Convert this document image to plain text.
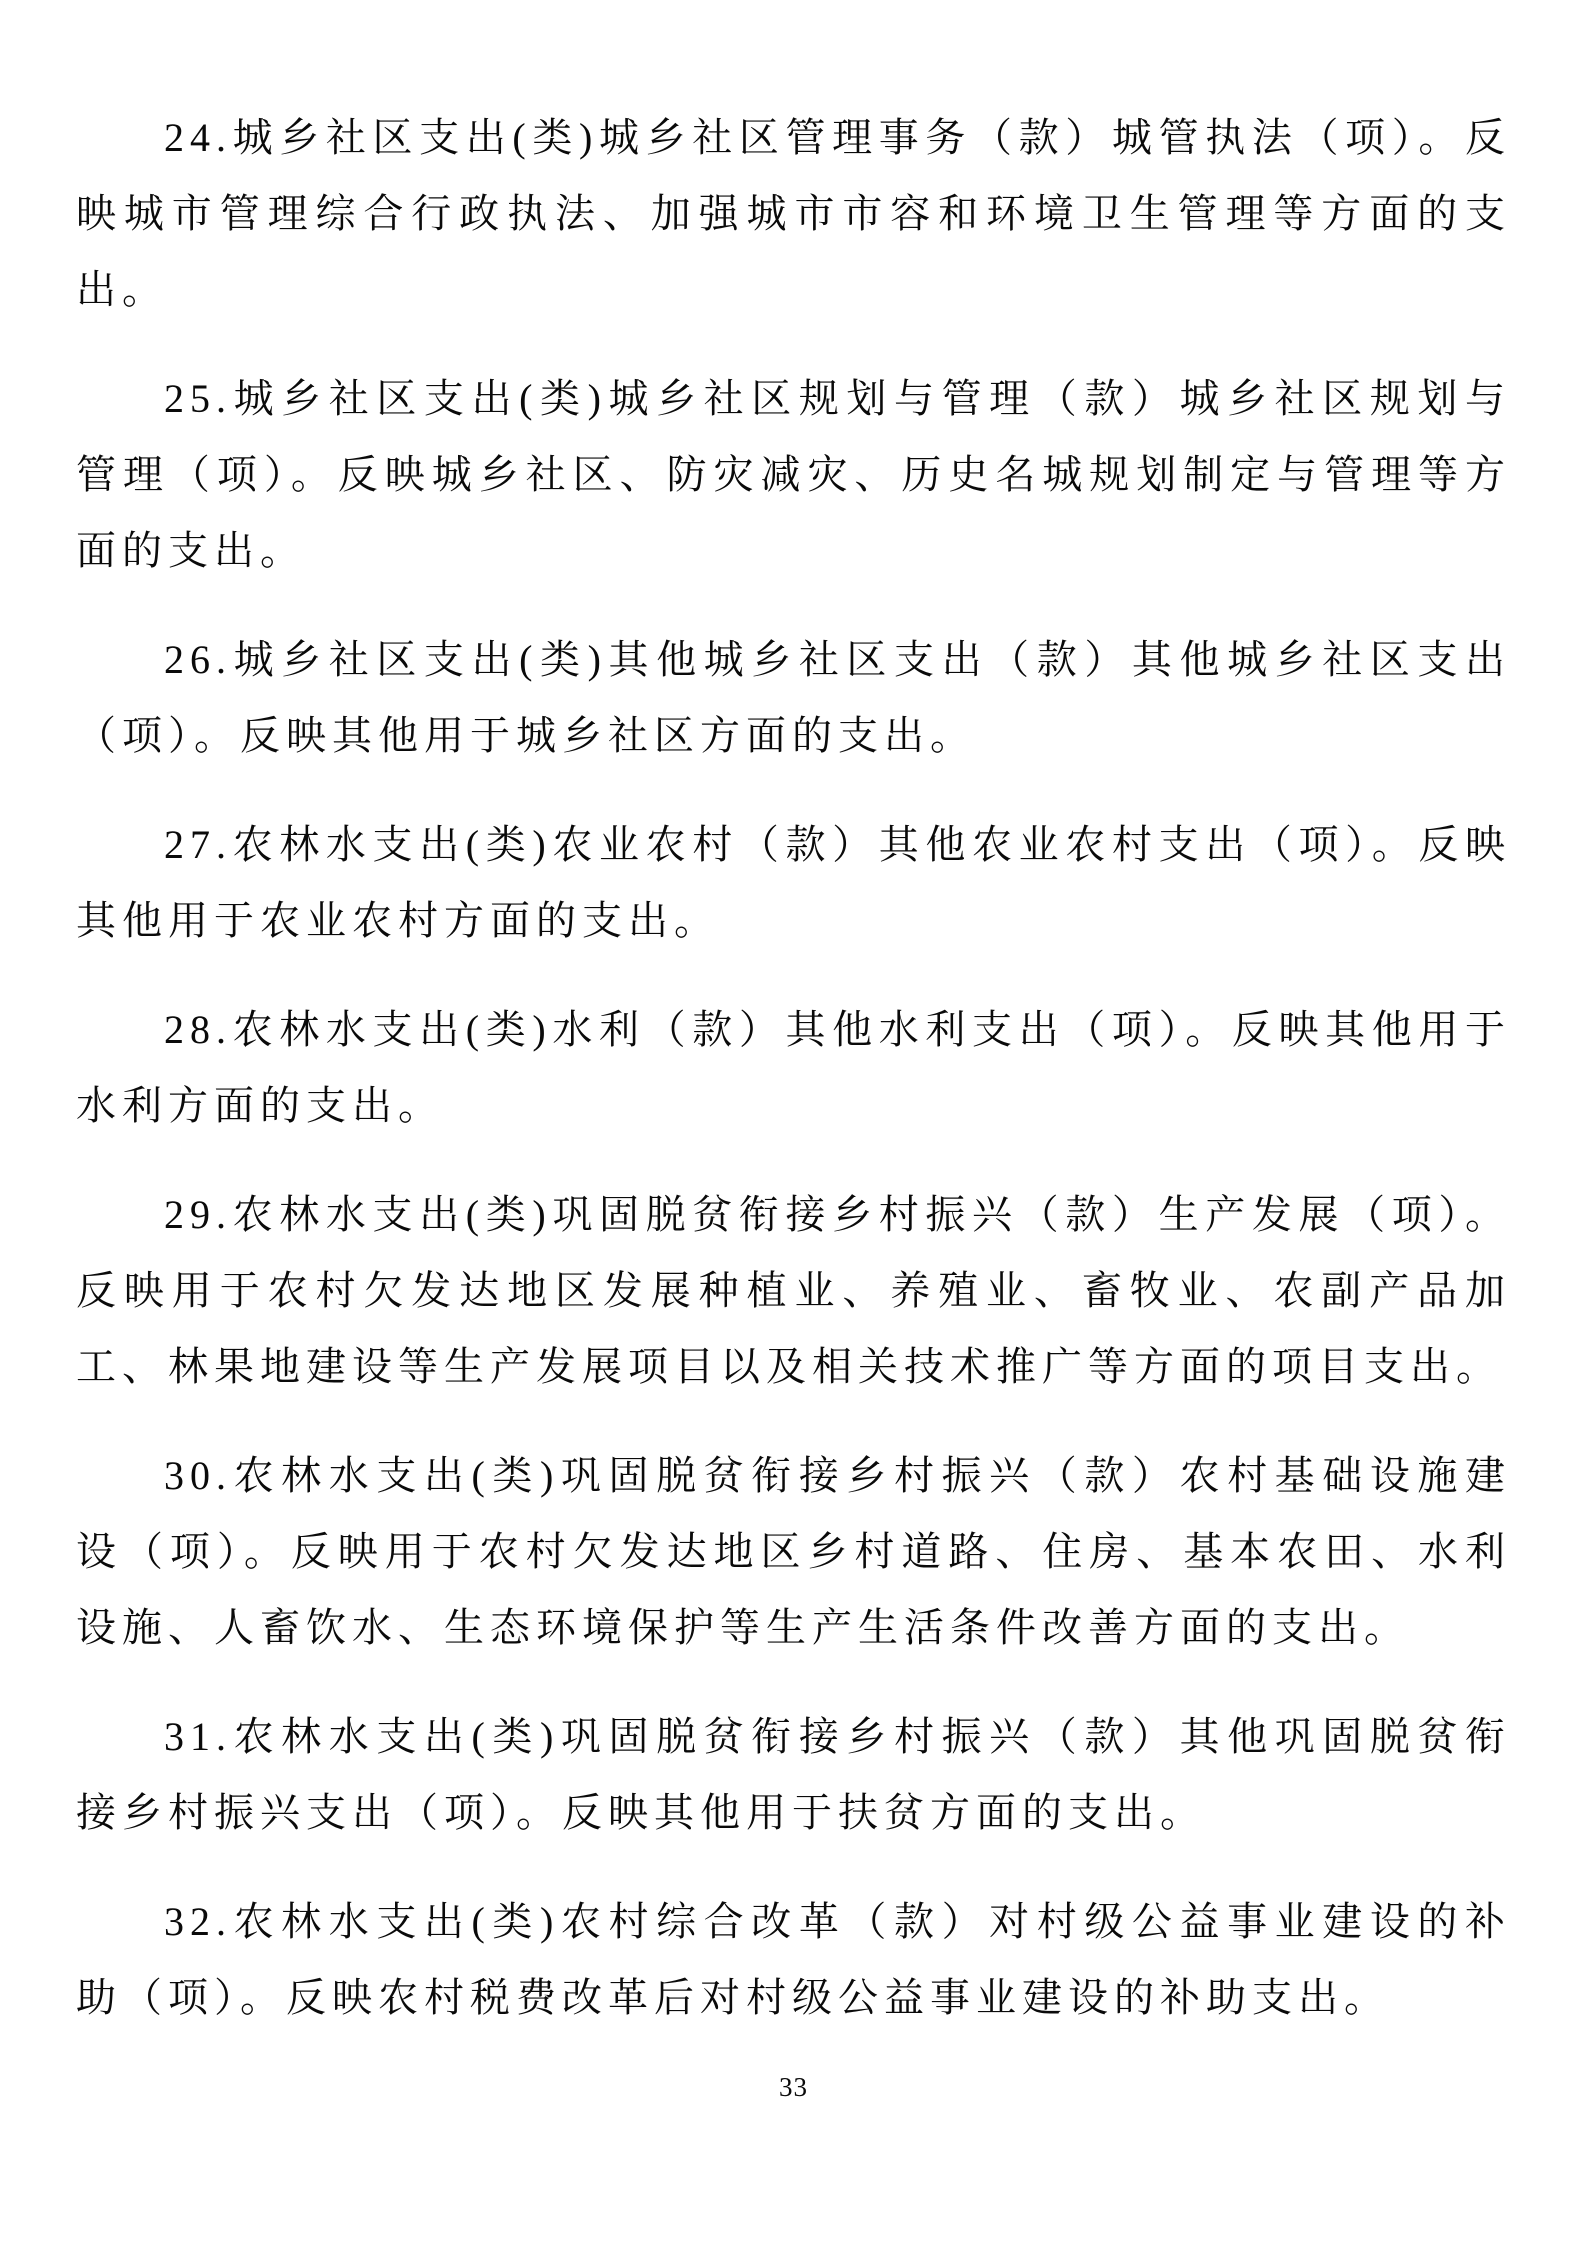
24.城乡社区支出(类)城乡社区管理事务（款）城管执法（项）。反映城市管理综合行政执法、加强城市市容和环境卫生管理等方面的支出。

25.城乡社区支出(类)城乡社区规划与管理（款）城乡社区规划与管理（项）。反映城乡社区、防灾减灾、历史名城规划制定与管理等方面的支出。

26.城乡社区支出(类)其他城乡社区支出（款）其他城乡社区支出（项）。反映其他用于城乡社区方面的支出。

27.农林水支出(类)农业农村（款）其他农业农村支出（项）。反映其他用于农业农村方面的支出。

28.农林水支出(类)水利（款）其他水利支出（项）。反映其他用于水利方面的支出。

29.农林水支出(类)巩固脱贫衔接乡村振兴（款）生产发展（项）。反映用于农村欠发达地区发展种植业、养殖业、畜牧业、农副产品加工、林果地建设等生产发展项目以及相关技术推广等方面的项目支出。

30.农林水支出(类)巩固脱贫衔接乡村振兴（款）农村基础设施建设（项）。反映用于农村欠发达地区乡村道路、住房、基本农田、水利设施、人畜饮水、生态环境保护等生产生活条件改善方面的支出。

31.农林水支出(类)巩固脱贫衔接乡村振兴（款）其他巩固脱贫衔接乡村振兴支出（项）。反映其他用于扶贫方面的支出。

32.农林水支出(类)农村综合改革（款）对村级公益事业建设的补助（项）。反映农村税费改革后对村级公益事业建设的补助支出。

33
